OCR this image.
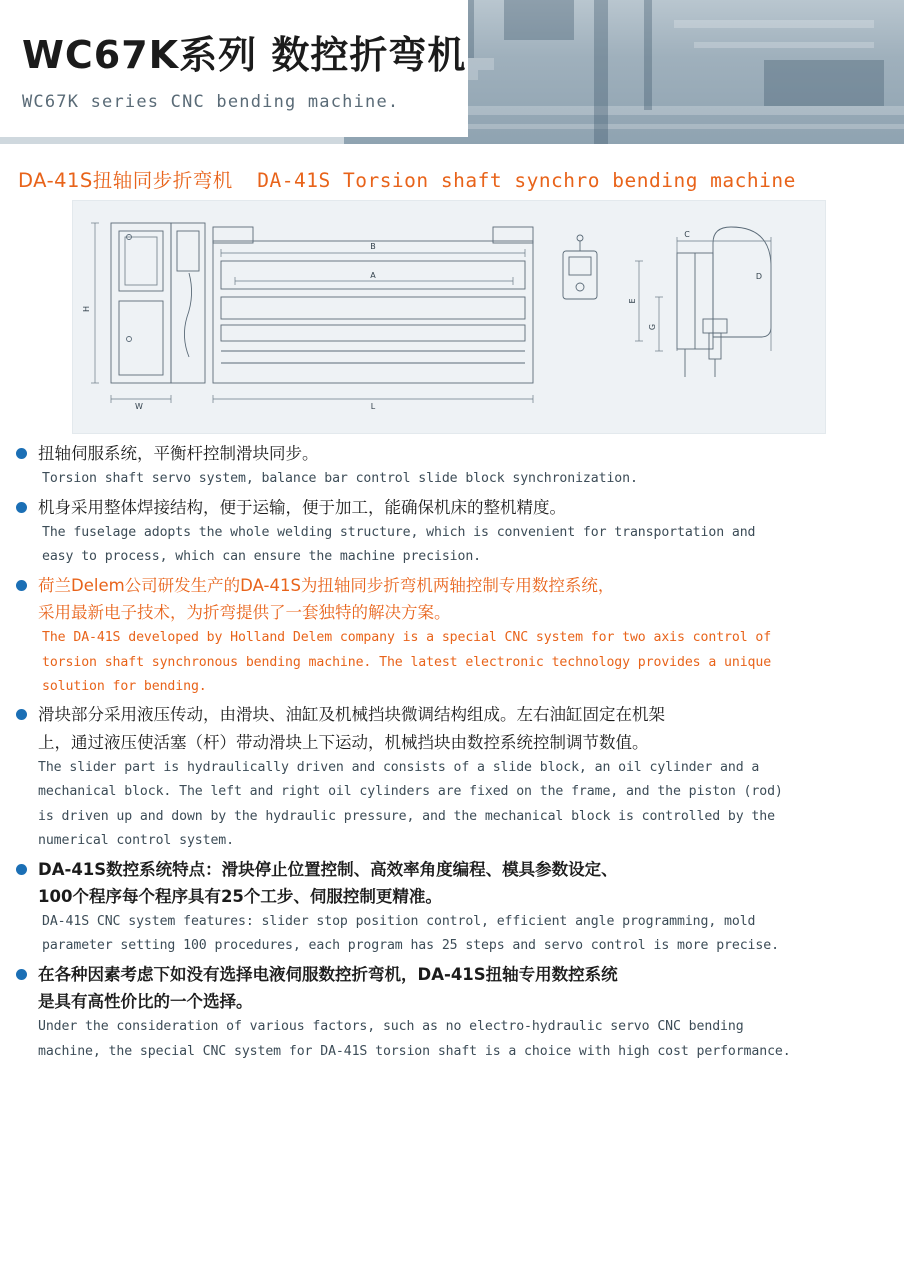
WC67K系列 数控折弯机
WC67K series CNC bending machine.
DA-41S扭轴同步折弯机 DA-41S Torsion shaft synchro bending machine
H
W
B
A
L
C
D
E
G
扭轴伺服系统，平衡杆控制滑块同步。
Torsion shaft servo system, balance bar control slide block synchronization.
机身采用整体焊接结构，便于运输，便于加工，能确保机床的整机精度。
The fuselage adopts the whole welding structure, which is convenient for transportation and
easy to process, which can ensure the machine precision.
荷兰Delem公司研发生产的DA-41S为扭轴同步折弯机两轴控制专用数控系统，
采用最新电子技术，为折弯提供了一套独特的解决方案。
The DA-41S developed by Holland Delem company is a special CNC system for two axis control of
torsion shaft synchronous bending machine. The latest electronic technology provides a unique
solution for bending.
滑块部分采用液压传动，由滑块、油缸及机械挡块微调结构组成。左右油缸固定在机架
上，通过液压使活塞（杆）带动滑块上下运动，机械挡块由数控系统控制调节数值。
The slider part is hydraulically driven and consists of a slide block, an oil cylinder and a
mechanical block. The left and right oil cylinders are fixed on the frame, and the piston (rod)
is driven up and down by the hydraulic pressure, and the mechanical block is controlled by the
numerical control system.
DA-41S数控系统特点：滑块停止位置控制、高效率角度编程、模具参数设定、
100个程序每个程序具有25个工步、伺服控制更精准。
DA-41S CNC system features: slider stop position control, efficient angle programming, mold
parameter setting 100 procedures, each program has 25 steps and servo control is more precise.
在各种因素考虑下如没有选择电液伺服数控折弯机，DA-41S扭轴专用数控系统
是具有高性价比的一个选择。
Under the consideration of various factors, such as no electro-hydraulic servo CNC bending
machine, the special CNC system for DA-41S torsion shaft is a choice with high cost performance.
